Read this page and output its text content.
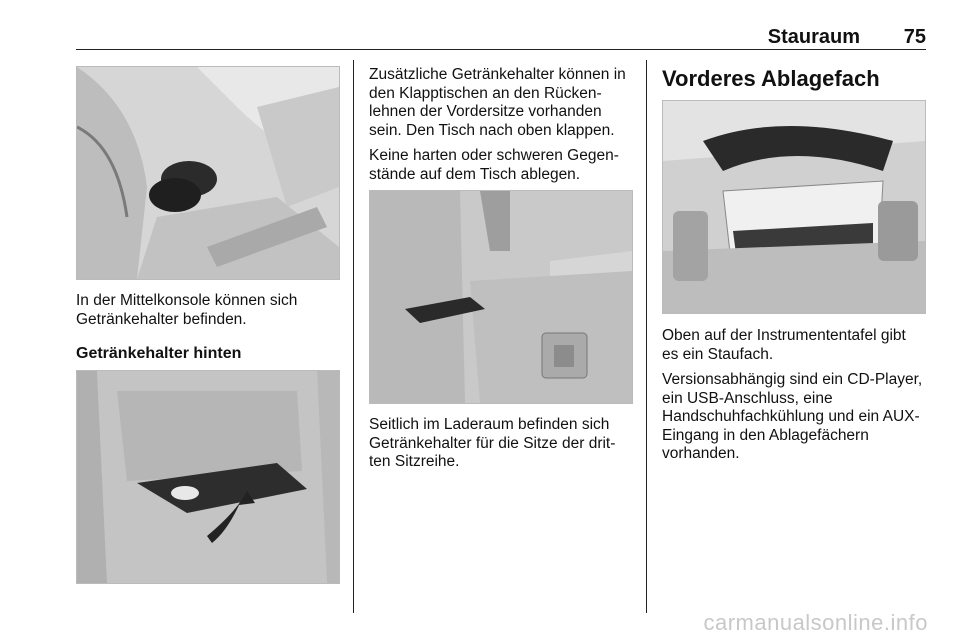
Stauraum 75

In der Mittelkonsole können sich Getränkehalter befinden.

Getränkehalter hinten

Zusätzliche Getränkehalter können in den Klapptischen an den Rücken-lehnen der Vordersitze vorhanden sein. Den Tisch nach oben klappen.

Keine harten oder schweren Gegen-stände auf dem Tisch ablegen.

Seitlich im Laderaum befinden sich Getränkehalter für die Sitze der drit-ten Sitzreihe.

Vorderes Ablagefach

Oben auf der Instrumententafel gibt es ein Staufach.

Versionsabhängig sind ein CD-Player, ein USB-Anschluss, eine Handschuhfachkühlung und ein AUX-Eingang in den Ablagefächern vorhanden.

carmanualsonline.info
